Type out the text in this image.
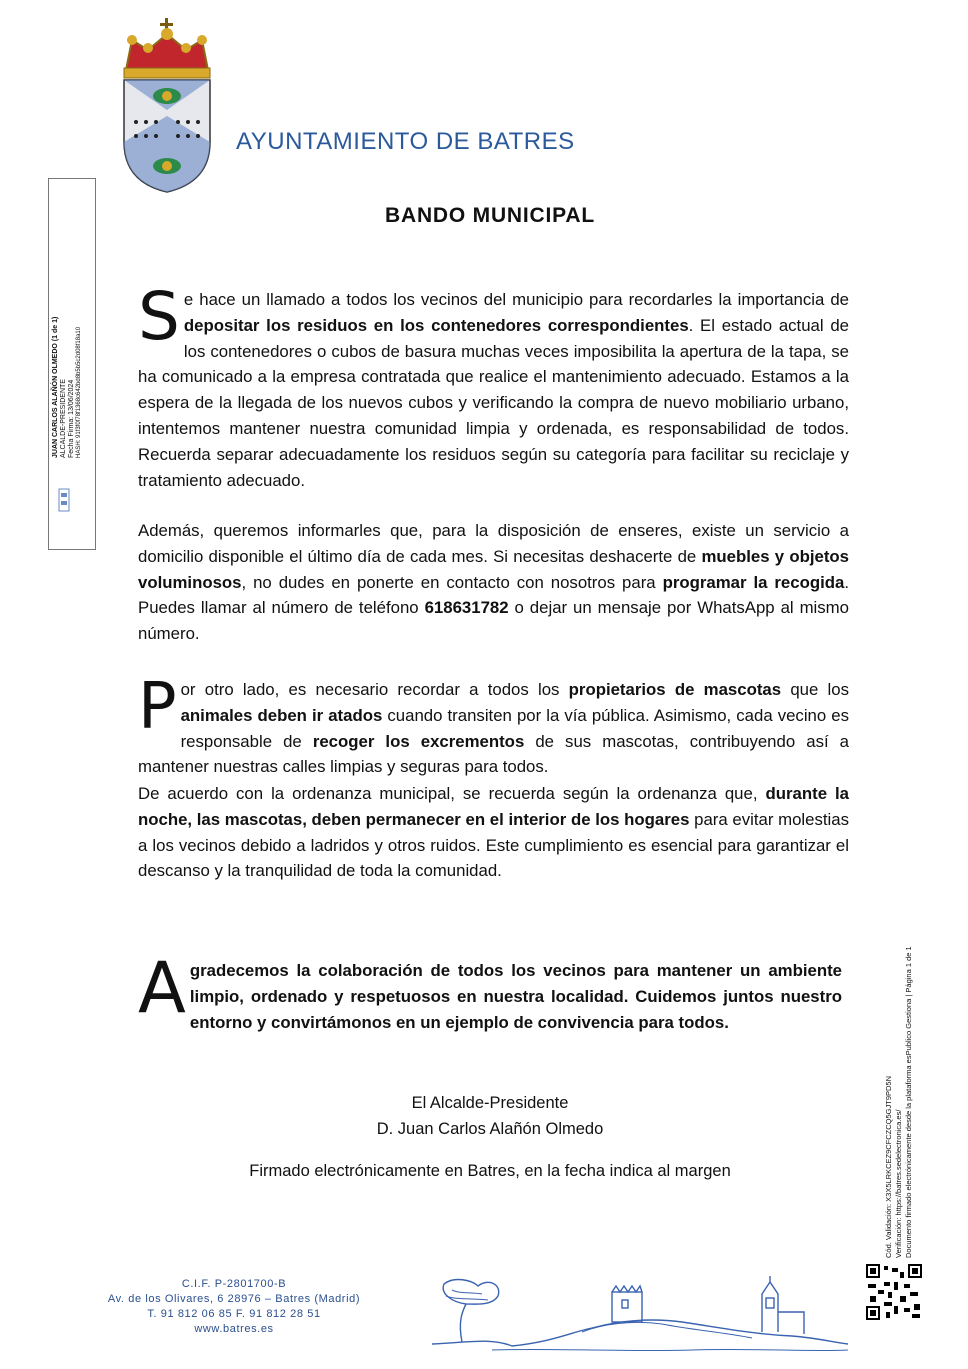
AYUNTAMIENTO DE BATRES
JUAN CARLOS ALAÑÓN OLMEDO (1 de 1) ALCALDE-PRESIDENTE Fecha Firma: 13/06/2024 HASH: 91f3f0f78f1368c642bd8b5b5c2d08f18a10
Cód. Validación: X3X5LRKCEZ9CFCZCQ5GJT9PD5N Verificación: https://batres.sedelectronica.es/ Documento firmado electrónicamente desde la plataforma esPublico Gestiona | Página 1 de 1
BANDO MUNICIPAL
Se hace un llamado a todos los vecinos del municipio para recordarles la importancia de depositar los residuos en los contenedores correspondientes. El estado actual de los contenedores o cubos de basura muchas veces imposibilita la apertura de la tapa, se ha comunicado a la empresa contratada que realice el mantenimiento adecuado. Estamos a la espera de la llegada de los nuevos cubos y verificando la compra de nuevo mobiliario urbano, intentemos mantener nuestra comunidad limpia y ordenada, es responsabilidad de todos. Recuerda separar adecuadamente los residuos según su categoría para facilitar su reciclaje y tratamiento adecuado.
Además, queremos informarles que, para la disposición de enseres, existe un servicio a domicilio disponible el último día de cada mes. Si necesitas deshacerte de muebles y objetos voluminosos, no dudes en ponerte en contacto con nosotros para programar la recogida. Puedes llamar al número de teléfono 618631782 o dejar un mensaje por WhatsApp al mismo número.
Por otro lado, es necesario recordar a todos los propietarios de mascotas que los animales deben ir atados cuando transiten por la vía pública. Asimismo, cada vecino es responsable de recoger los excrementos de sus mascotas, contribuyendo así a mantener nuestras calles limpias y seguras para todos.
De acuerdo con la ordenanza municipal, se recuerda según la ordenanza que, durante la noche, las mascotas, deben permanecer en el interior de los hogares para evitar molestias a los vecinos debido a ladridos y otros ruidos. Este cumplimiento es esencial para garantizar el descanso y la tranquilidad de toda la comunidad.
Agradecemos la colaboración de todos los vecinos para mantener un ambiente limpio, ordenado y respetuosos en nuestra localidad. Cuidemos juntos nuestro entorno y convirtámonos en un ejemplo de convivencia para todos.
El Alcalde-Presidente
D. Juan Carlos Alañón Olmedo
Firmado electrónicamente en Batres, en la fecha indica al margen
C.I.F. P-2801700-B
Av. de los Olivares, 6 28976 – Batres (Madrid)
T. 91 812 06 85 F. 91 812 28 51
www.batres.es
